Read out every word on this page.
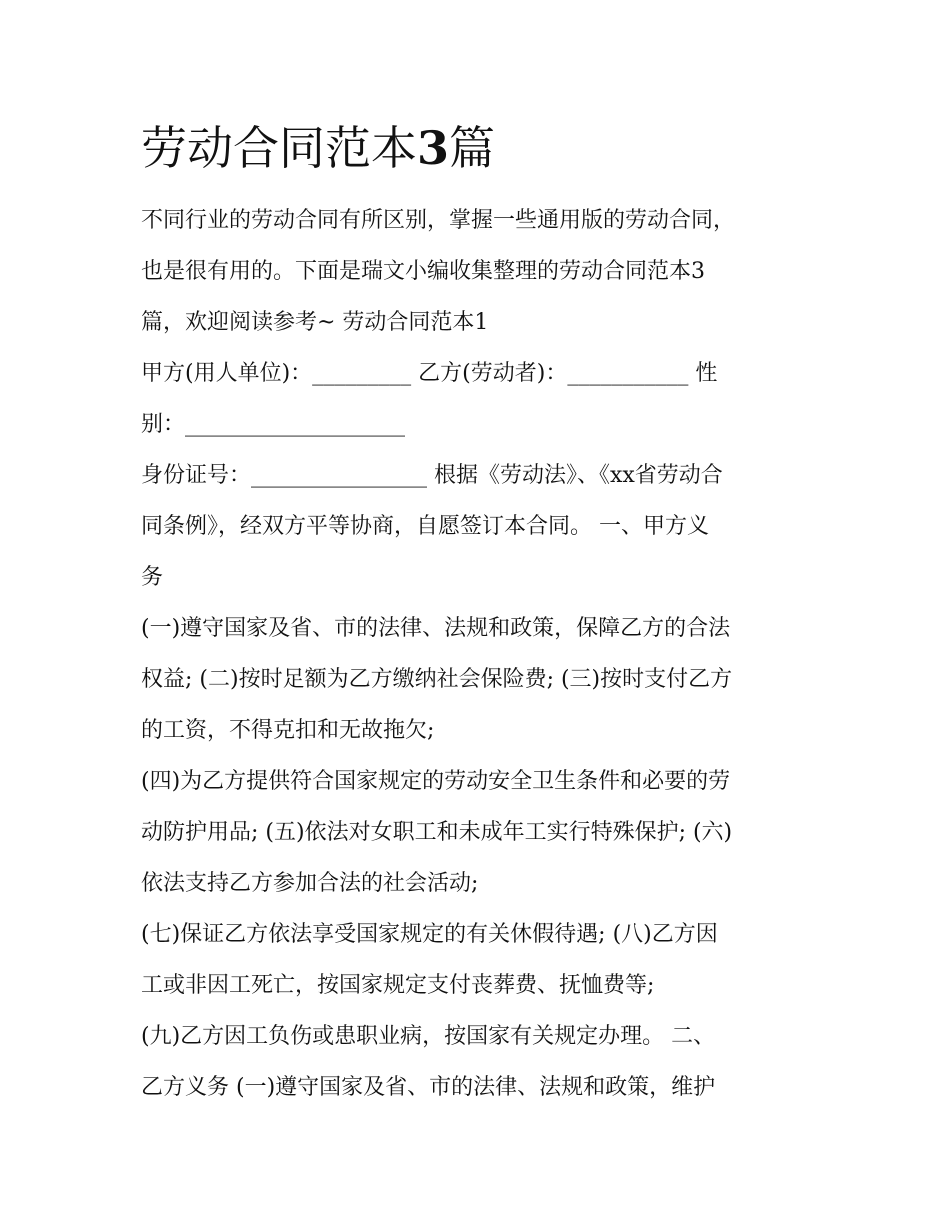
劳动合同范本3篇

不同行业的劳动合同有所区别，掌握一些通用版的劳动合同，

也是很有用的。下面是瑞文小编收集整理的劳动合同范本3

篇，欢迎阅读参考~ 劳动合同范本1

甲方(用人单位)：_________ 乙方(劳动者)：___________ 性

别：____________________

身份证号：________________ 根据《劳动法》、《xx省劳动合

同条例》，经双方平等协商，自愿签订本合同。 一、甲方义

务

(一)遵守国家及省、市的法律、法规和政策，保障乙方的合法

权益; (二)按时足额为乙方缴纳社会保险费; (三)按时支付乙方

的工资，不得克扣和无故拖欠;

(四)为乙方提供符合国家规定的劳动安全卫生条件和必要的劳

动防护用品; (五)依法对女职工和未成年工实行特殊保护; (六)

依法支持乙方参加合法的社会活动;

(七)保证乙方依法享受国家规定的有关休假待遇; (八)乙方因

工或非因工死亡，按国家规定支付丧葬费、抚恤费等;

(九)乙方因工负伤或患职业病，按国家有关规定办理。 二、

乙方义务 (一)遵守国家及省、市的法律、法规和政策，维护
